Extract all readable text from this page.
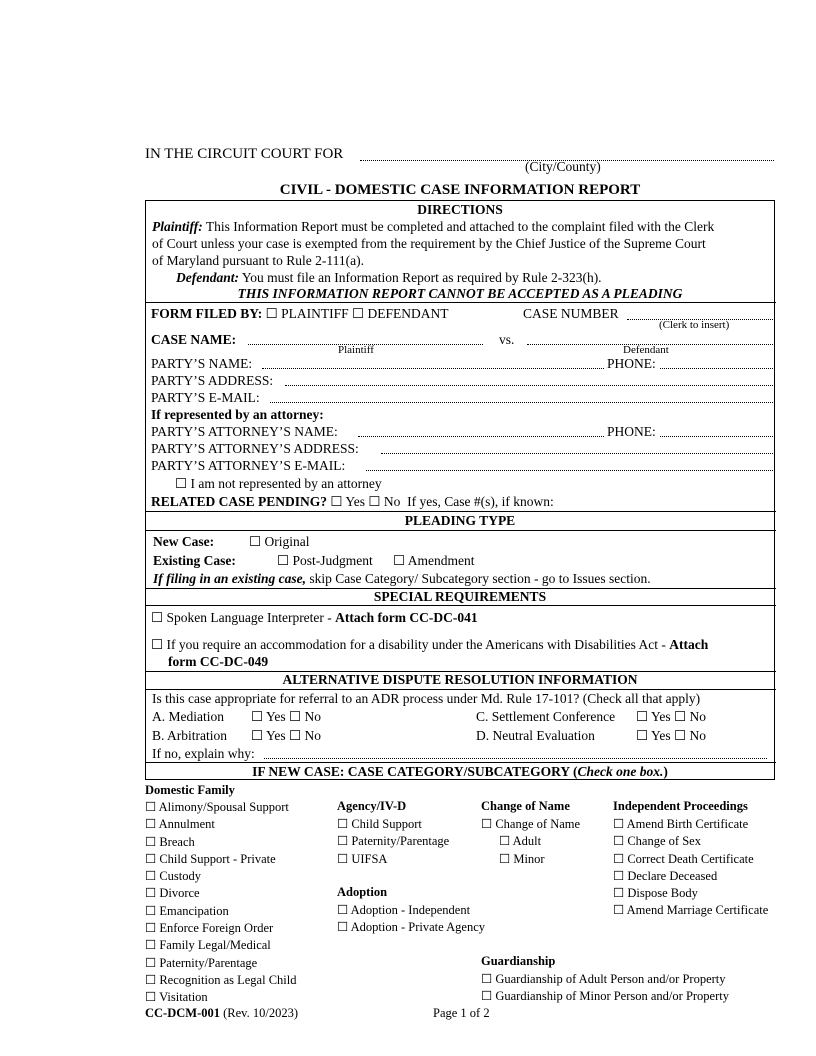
IN THE CIRCUIT COURT FOR
(City/County)
CIVIL - DOMESTIC CASE INFORMATION REPORT
DIRECTIONS
Plaintiff: This Information Report must be completed and attached to the complaint filed with the Clerk
of Court unless your case is exempted from the requirement by the Chief Justice of the Supreme Court
of Maryland pursuant to Rule 2-111(a).
Defendant: You must file an Information Report as required by Rule 2-323(h).
THIS INFORMATION REPORT CANNOT BE ACCEPTED AS A PLEADING
FORM FILED BY: ☐ PLAINTIFF ☐ DEFENDANT	CASE NUMBER
(Clerk to insert)
CASE NAME:	vs.
Plaintiff	Defendant
PARTY’S NAME:	PHONE:
PARTY’S ADDRESS:
PARTY’S E-MAIL:
If represented by an attorney:
PARTY’S ATTORNEY’S NAME:	PHONE:
PARTY’S ATTORNEY’S ADDRESS:
PARTY’S ATTORNEY’S E-MAIL:
☐ I am not represented by an attorney
RELATED CASE PENDING? ☐ Yes ☐ No If yes, Case #(s), if known:
PLEADING TYPE
New Case: ☐	Original
Existing Case: ☐	Post-Judgment ☐	Amendment
If filing in an existing case, skip Case Category/ Subcategory section - go to Issues section.
SPECIAL REQUIREMENTS
☐ Spoken Language Interpreter - Attach form CC-DC-041
☐ If you require an accommodation for a disability under the Americans with Disabilities Act - Attach
form CC-DC-049
ALTERNATIVE DISPUTE RESOLUTION INFORMATION
Is this case appropriate for referral to an ADR process under Md. Rule 17-101? (Check all that apply)
A. Mediation ☐	Yes ☐ No	C. Settlement Conference ☐	Yes ☐ No
B. Arbitration ☐	Yes ☐ No	D. Neutral Evaluation ☐	Yes ☐ No
If no, explain why:
IF NEW CASE: CASE CATEGORY/SUBCATEGORY (Check one box.)
Domestic Family
☐ Alimony/Spousal Support
☐ Annulment
☐ Breach
☐ Child Support - Private
☐ Custody
☐ Divorce
☐ Emancipation
☐ Enforce Foreign Order
☐ Family Legal/Medical
☐ Paternity/Parentage
☐ Recognition as Legal Child
☐ Visitation
Agency/IV-D
☐ Child Support
☐ Paternity/Parentage
☐ UIFSA
Adoption
☐ Adoption - Independent
☐ Adoption - Private Agency
Change of Name
☐ Change of Name
☐ Adult
☐ Minor
Independent Proceedings
☐ Amend Birth Certificate
☐ Change of Sex
☐ Correct Death Certificate
☐ Declare Deceased
☐ Dispose Body
☐ Amend Marriage Certificate
Guardianship
☐ Guardianship of Adult Person and/or Property
☐ Guardianship of Minor Person and/or Property
CC-DCM-001 (Rev. 10/2023)	Page 1 of 2
